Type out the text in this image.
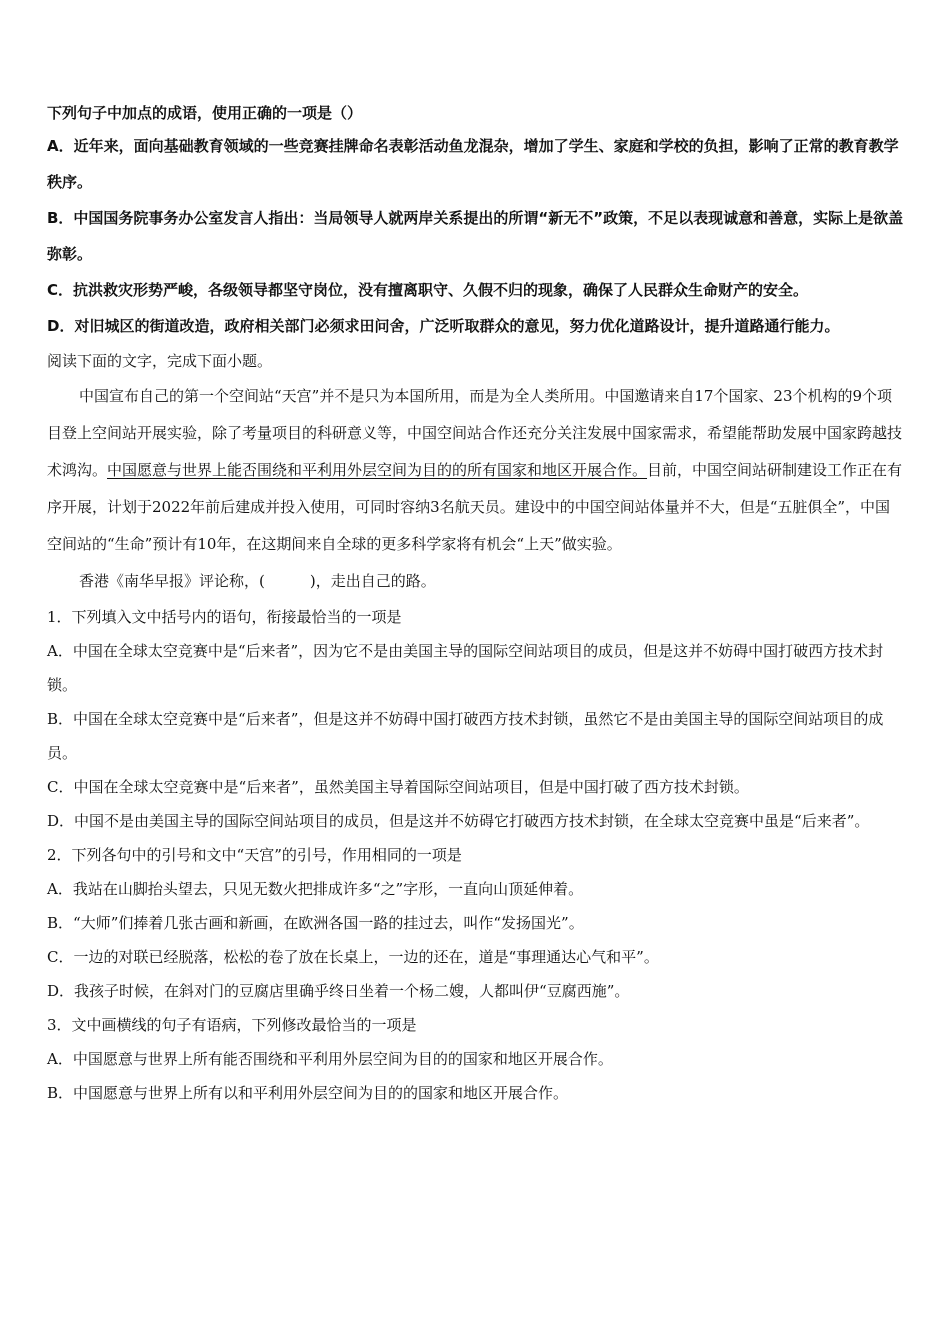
下列句子中加点的成语，使用正确的一项是（）

A．近年来，面向基础教育领域的一些竞赛挂牌命名表彰活动鱼龙混杂，增加了学生、家庭和学校的负担，影响了正常的教育教学秩序。

B．中国国务院事务办公室发言人指出：当局领导人就两岸关系提出的所谓“新无不”政策，不足以表现诚意和善意，实际上是欲盖弥彰。

C．抗洪救灾形势严峻，各级领导都坚守岗位，没有擅离职守、久假不归的现象，确保了人民群众生命财产的安全。

D．对旧城区的街道改造，政府相关部门必须求田问舍，广泛听取群众的意见，努力优化道路设计，提升道路通行能力。

阅读下面的文字，完成下面小题。

中国宣布自己的第一个空间站“天宫”并不是只为本国所用，而是为全人类所用。中国邀请来自17个国家、23个机构的9个项目登上空间站开展实验，除了考量项目的科研意义等，中国空间站合作还充分关注发展中国家需求，希望能帮助发展中国家跨越技术鸿沟。中国愿意与世界上能否围绕和平利用外层空间为目的的所有国家和地区开展合作。目前，中国空间站研制建设工作正在有序开展，计划于2022年前后建成并投入使用，可同时容纳3名航天员。建设中的中国空间站体量并不大，但是“五脏俱全”，中国空间站的“生命”预计有10年，在这期间来自全球的更多科学家将有机会“上天”做实验。

香港《南华早报》评论称，(　　　)，走出自己的路。

1．下列填入文中括号内的语句，衔接最恰当的一项是

A．中国在全球太空竞赛中是“后来者”，因为它不是由美国主导的国际空间站项目的成员，但是这并不妨碍中国打破西方技术封锁。

B．中国在全球太空竞赛中是“后来者”，但是这并不妨碍中国打破西方技术封锁，虽然它不是由美国主导的国际空间站项目的成员。

C．中国在全球太空竞赛中是“后来者”，虽然美国主导着国际空间站项目，但是中国打破了西方技术封锁。

D．中国不是由美国主导的国际空间站项目的成员，但是这并不妨碍它打破西方技术封锁，在全球太空竞赛中虽是“后来者”。

2．下列各句中的引号和文中“天宫”的引号，作用相同的一项是

A．我站在山脚抬头望去，只见无数火把排成许多“之”字形，一直向山顶延伸着。

B．“大师”们捧着几张古画和新画，在欧洲各国一路的挂过去，叫作“发扬国光”。

C．一边的对联已经脱落，松松的卷了放在长桌上，一边的还在，道是“事理通达心气和平”。

D．我孩子时候，在斜对门的豆腐店里确乎终日坐着一个杨二嫂，人都叫伊“豆腐西施”。

3．文中画横线的句子有语病，下列修改最恰当的一项是

A．中国愿意与世界上所有能否围绕和平利用外层空间为目的的国家和地区开展合作。

B．中国愿意与世界上所有以和平利用外层空间为目的的国家和地区开展合作。
